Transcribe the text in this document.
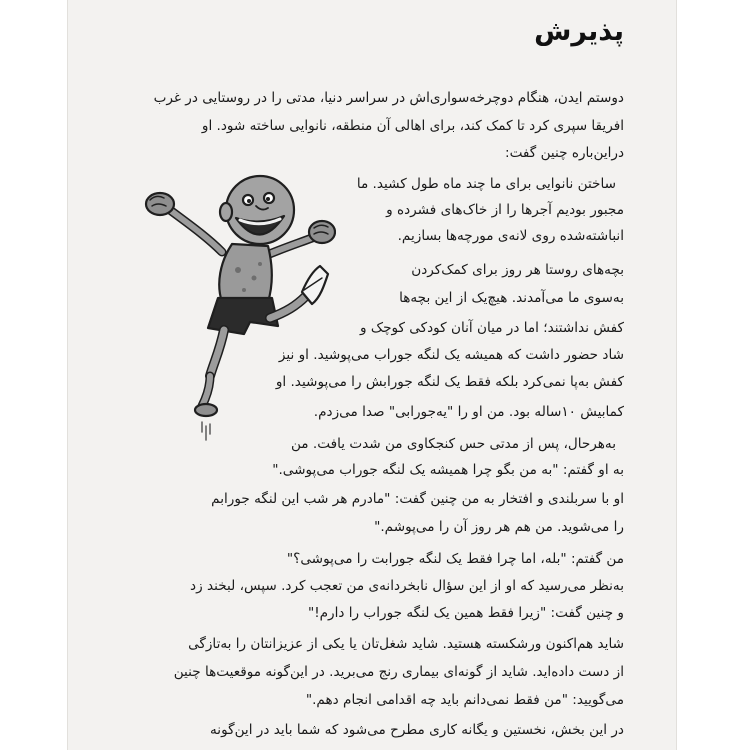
پذیرش
دوستم ایدن، هنگام دوچرخه‌سواری‌اش در سراسر دنیا، مدتی را در روستایی در غرب
افریقا سپری کرد تا کمک کند، برای اهالی آن منطقه، نانوایی ساخته شود. او
دراین‌باره چنین گفت:
ساختن نانوایی برای ما چند ماه طول کشید. ما
مجبور بودیم آجرها را از خاک‌های فشرده و
انباشته‌شده روی لانه‌ی مورچه‌ها بسازیم.
بچه‌های روستا هر روز برای کمک‌کردن
به‌سوی ما می‌آمدند. هیچ‌یک از این بچه‌ها
کفش نداشتند؛ اما در میان آنان کودکی کوچک و
شاد حضور داشت که همیشه یک لنگه جوراب می‌پوشید. او نیز
کفش به‌پا نمی‌کرد بلکه فقط یک لنگه جورابش را می‌پوشید. او
کمابیش ۱۰ساله بود. من او را "یه‌جورابی" صدا می‌زدم.
به‌هرحال، پس از مدتی حس کنجکاوی من شدت یافت. من
به او گفتم: "به من بگو چرا همیشه یک لنگه جوراب می‌پوشی."
او با سربلندی و افتخار به من چنین گفت: "مادرم هر شب این لنگه جورابم
را می‌شوید. من هم هر روز آن را می‌پوشم."
من گفتم: "بله، اما چرا فقط یک لنگه جورابت را می‌پوشی؟"
به‌نظر می‌رسید که او از این سؤال نابخردانه‌ی من تعجب کرد. سپس، لبخند زد
و چنین گفت: "زیرا فقط همین یک لنگه جوراب را دارم!"
شاید هم‌اکنون ورشکسته هستید. شاید شغل‌تان یا یکی از عزیزانتان را به‌تازگی
از دست داده‌اید. شاید از گونه‌ای بیماری رنج می‌برید. در این‌گونه موقعیت‌ها چنین
می‌گویید: "من فقط نمی‌دانم باید چه اقدامی انجام دهم."
در این بخش، نخستین و یگانه کاری مطرح می‌شود که شما باید در این‌گونه
